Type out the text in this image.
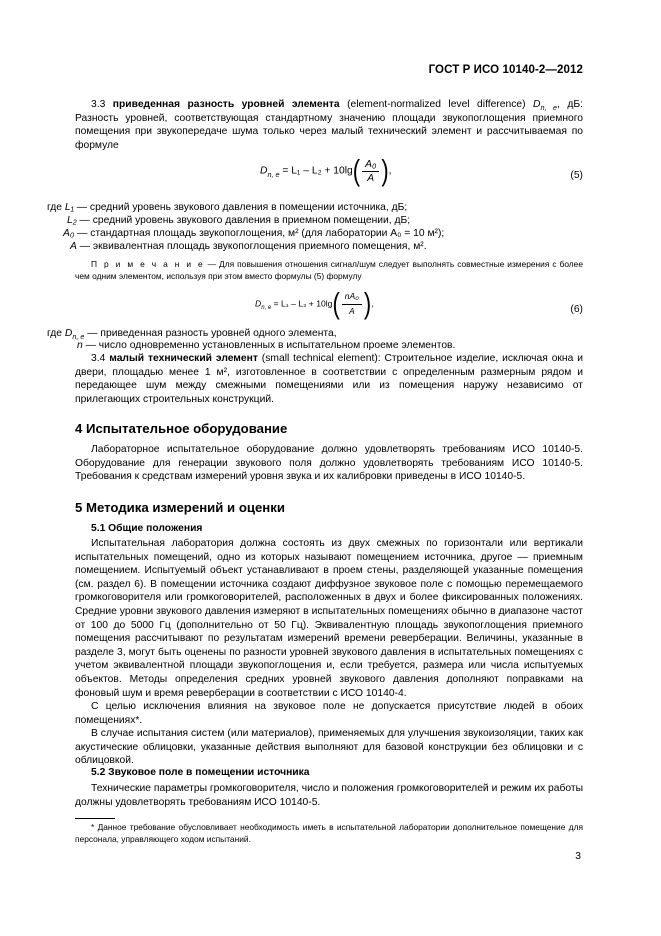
ГОСТ Р ИСО 10140-2—2012
3.3 приведенная разность уровней элемента (element-normalized level difference) $D_{n, e}$, дБ: Разность уровней, соответствующая стандартному значению площади звукопоглощения приемного помещения при звукопередаче шума только через малый технический элемент и рассчитываемая по формуле
$D_{n, e} = L_1 - L_2 + 10\lg( \frac{\text{A₀}}{A}$ ),	(5)
где L₁ — средний уровень звукового давления в помещении источника, дБ;
L₂ — средний уровень звукового давления в приемном помещении, дБ;
A₀ — стандартная площадь звукопоглощения, м² (для лаборатории A₀ = 10 м²);
A — эквивалентная площадь звукопоглощения приемного помещения, м².
П р и м е ч а н и е — Для повышения отношения сигнал/шум следует выполнять совместные измерения с более чем одним элементом, используя при этом вместо формулы (5) формулу
$D_{n, e} = L_1 - L_2 + 10\lg( \frac{\text{nA₀}}{A}$ ),
(6)
где $D_{n, e}$ — приведенная разность уровней одного элемента,
n — число одновременно установленных в испытательном проеме элементов.
3.4 малый технический элемент (small technical element): Строительное изделие, исключая окна и двери, площадью менее 1 м², изготовленное в соответствии с определенным размерным рядом и передающее шум между смежными помещениями или из помещения наружу независимо от прилегающих строительных конструкций.
4 Испытательное оборудование
Лабораторное испытательное оборудование должно удовлетворять требованиям ИСО 10140-5. Оборудование для генерации звукового поля должно удовлетворять требованиям ИСО 10140-5. Требования к средствам измерений уровня звука и их калибровки приведены в ИСО 10140-5.
5 Методика измерений и оценки
5.1 Общие положения
Испытательная лаборатория должна состоять из двух смежных по горизонтали или вертикали испытательных помещений, одно из которых называют помещением источника, другое — приемным помещением. Испытуемый объект устанавливают в проем стены, разделяющей указанные помещения (см. раздел 6). В помещении источника создают диффузное звуковое поле с помощью перемещаемого громкоговорителя или громкоговорителей, расположенных в двух и более фиксированных положениях. Средние уровни звукового давления измеряют в испытательных помещениях обычно в диапазоне частот от 100 до 5000 Гц (дополнительно от 50 Гц). Эквивалентную площадь звукопоглощения приемного помещения рассчитывают по результатам измерений времени реверберации. Величины, указанные в разделе 3, могут быть оценены по разности уровней звукового давления в испытательных помещениях с учетом эквивалентной площади звукопоглощения и, если требуется, размера или числа испытуемых объектов. Методы определения средних уровней звукового давления дополняют поправками на фоновый шум и время реверберации в соответствии с ИСО 10140-4.
С целью исключения влияния на звуковое поле не допускается присутствие людей в обоих помещениях*.
В случае испытания систем (или материалов), применяемых для улучшения звукоизоляции, таких как акустические облицовки, указанные действия выполняют для базовой конструкции без облицовки и с облицовкой.
5.2 Звуковое поле в помещении источника
Технические параметры громкоговорителя, число и положения громкоговорителей и режим их работы должны удовлетворять требованиям ИСО 10140-5.
* Данное требование обусловливает необходимость иметь в испытательной лаборатории дополнительное помещение для персонала, управляющего ходом испытаний.
3
